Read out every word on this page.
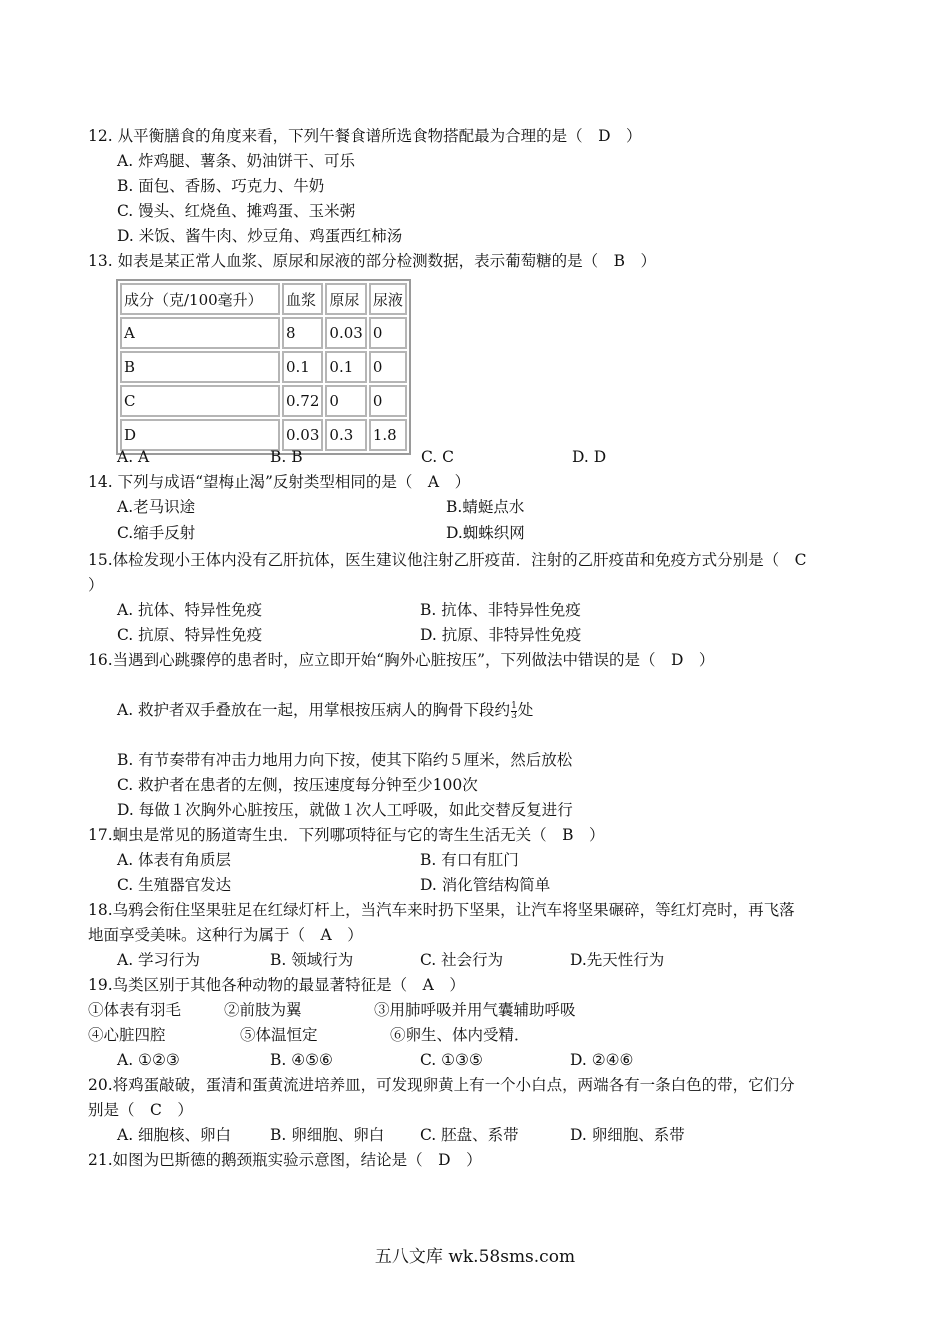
12. 从平衡膳食的角度来看，下列午餐食谱所选食物搭配最为合理的是（　D　）
A. 炸鸡腿、薯条、奶油饼干、可乐
B. 面包、香肠、巧克力、牛奶
C. 馒头、红烧鱼、摊鸡蛋、玉米粥
D. 米饭、酱牛肉、炒豆角、鸡蛋西红柿汤
13. 如表是某正常人血浆、原尿和尿液的部分检测数据，表示葡萄糖的是（　B　）
成分（克/100毫升）	血浆	原尿	尿液
A	8	0.03	0
B	0.1	0.1	0
C	0.72	0	0
D	0.03	0.3	1.8
A. A	B. B	C. C	D. D
14. 下列与成语“望梅止渴”反射类型相同的是（　A　）
A.老马识途	B.蜻蜓点水
C.缩手反射	D.蜘蛛织网
15.体检发现小王体内没有乙肝抗体，医生建议他注射乙肝疫苗．注射的乙肝疫苗和免疫方式分别是（　C
）
A. 抗体、特异性免疫	B. 抗体、非特异性免疫
C. 抗原、特异性免疫	D. 抗原、非特异性免疫
16.当遇到心跳骤停的患者时，应立即开始“胸外心脏按压”，下列做法中错误的是（　D　）
A. 救护者双手叠放在一起，用掌根按压病人的胸骨下段约 $\frac{1}{3}$ 处
B. 有节奏带有冲击力地用力向下按，使其下陷约５厘米，然后放松
C. 救护者在患者的左侧，按压速度每分钟至少100次
D. 每做１次胸外心脏按压，就做１次人工呼吸，如此交替反复进行
17.蛔虫是常见的肠道寄生虫．下列哪项特征与它的寄生生活无关（　B　）
A. 体表有角质层	B. 有口有肛门
C. 生殖器官发达	D. 消化管结构简单
18.乌鸦会衔住坚果驻足在红绿灯杆上，当汽车来时扔下坚果，让汽车将坚果碾碎，等红灯亮时，再飞落
地面享受美味。这种行为属于（　A　）
A. 学习行为	B. 领域行为	C. 社会行为	D.先天性行为
19.鸟类区别于其他各种动物的最显著特征是（　A　）
①体表有羽毛	②前肢为翼	③用肺呼吸并用气囊辅助呼吸
④心脏四腔	⑤体温恒定	⑥卵生、体内受精．
A. ①②③	B. ④⑤⑥	C. ①③⑤	D. ②④⑥
20.将鸡蛋敲破，蛋清和蛋黄流进培养皿，可发现卵黄上有一个小白点，两端各有一条白色的带，它们分
别是（　C　）
A. 细胞核、卵白	B. 卵细胞、卵白 C. 胚盘、系带	D. 卵细胞、系带
21.如图为巴斯德的鹅颈瓶实验示意图，结论是（　D　）
五八文库 wk.58sms.com
